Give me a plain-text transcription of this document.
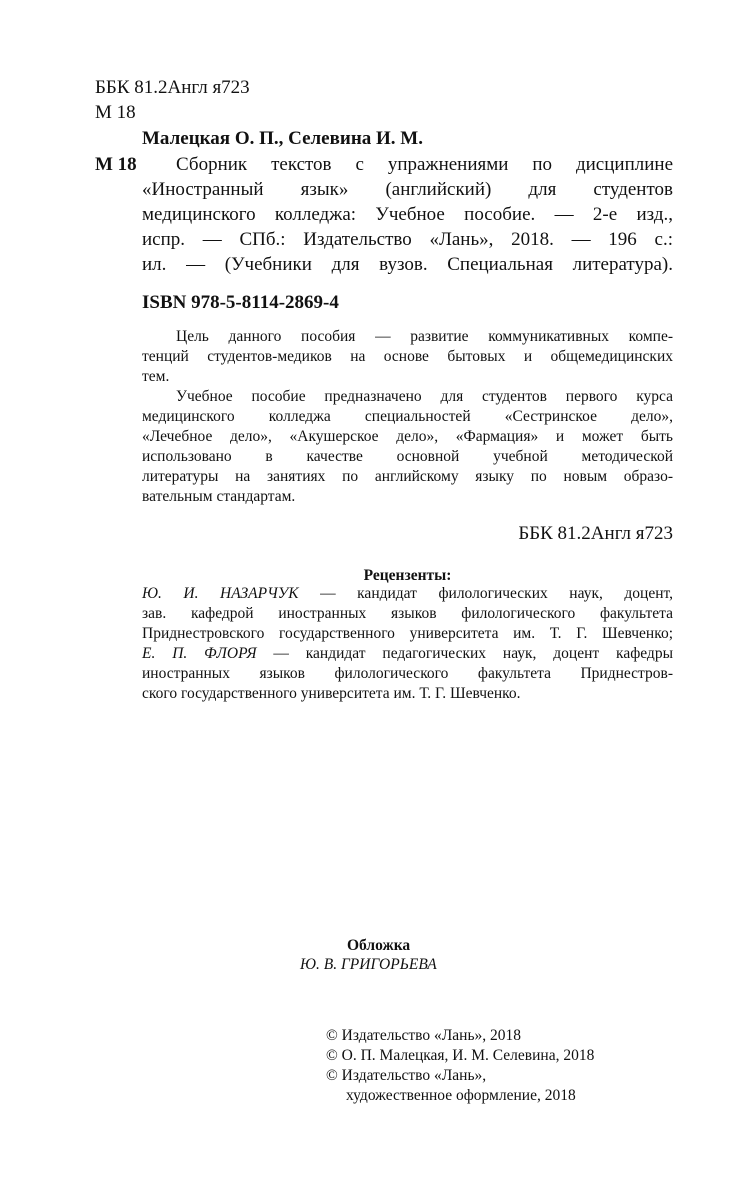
ББК 81.2Англ я723
М 18
Малецкая О. П., Селевина И. М.
М 18	Сборник текстов с упражнениями по дисциплине
«Иностранный язык» (английский) для студентов
медицинского колледжа: Учебное пособие. — 2-е изд.,
испр. — СПб.: Издательство «Лань», 2018. — 196 с.:
ил. — (Учебники для вузов. Специальная литература).
ISBN 978-5-8114-2869-4
Цель данного пособия — развитие коммуникативных компе-
тенций студентов-медиков на основе бытовых и общемедицинских
тем.
Учебное пособие предназначено для студентов первого курса
медицинского колледжа специальностей «Сестринское дело»,
«Лечебное дело», «Акушерское дело», «Фармация» и может быть
использовано в качестве основной учебной методической
литературы на занятиях по английскому языку по новым образо-
вательным стандартам.
ББК 81.2Англ я723
Рецензенты:
Ю. И. НАЗАРЧУК — кандидат филологических наук, доцент,
зав. кафедрой иностранных языков филологического факультета
Приднестровского государственного университета им. Т. Г. Шевченко;
Е. П. ФЛОРЯ — кандидат педагогических наук, доцент кафедры
иностранных языков филологического факультета Приднестров-
ского государственного университета им. Т. Г. Шевченко.
Обложка
Ю. В. ГРИГОРЬЕВА
© Издательство «Лань», 2018
© О. П. Малецкая, И. М. Селевина, 2018
© Издательство «Лань»,
художественное оформление, 2018
